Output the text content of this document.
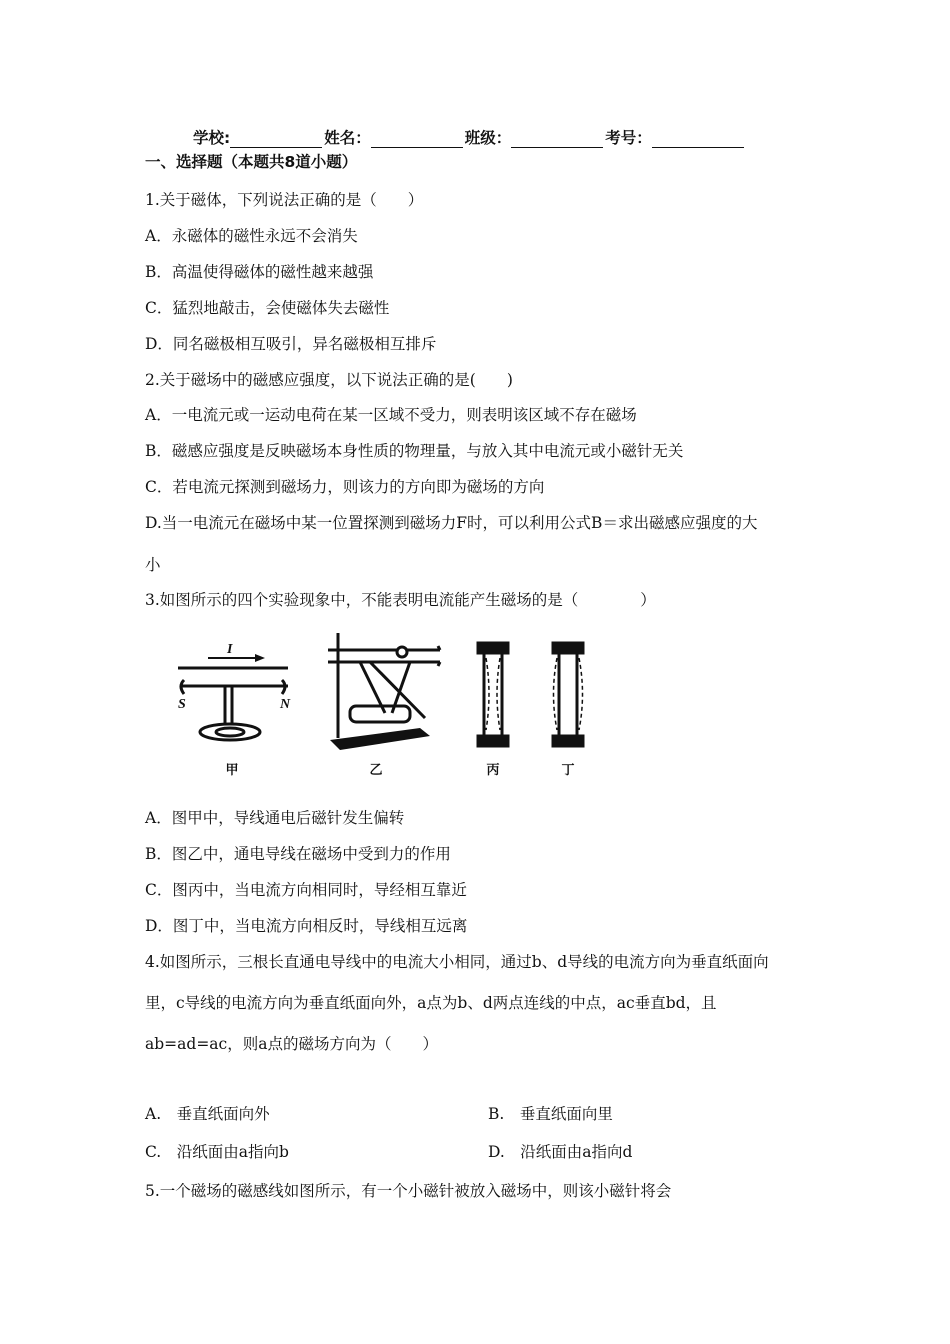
学校:	姓名：	班级：	考号：
一、选择题（本题共8道小题）
1.关于磁体，下列说法正确的是（　　）
A．永磁体的磁性永远不会消失
B．高温使得磁体的磁性越来越强
C．猛烈地敲击，会使磁体失去磁性
D．同名磁极相互吸引，异名磁极相互排斥
2.关于磁场中的磁感应强度，以下说法正确的是(　　)
A．一电流元或一运动电荷在某一区域不受力，则表明该区域不存在磁场
B．磁感应强度是反映磁场本身性质的物理量，与放入其中电流元或小磁针无关
C．若电流元探测到磁场力，则该力的方向即为磁场的方向
D.当一电流元在磁场中某一位置探测到磁场力F时，可以利用公式B＝求出磁感应强度的大
小
3.如图所示的四个实验现象中，不能表明电流能产生磁场的是（　　　　）
I
S	N
甲	乙	丙	丁
A．图甲中，导线通电后磁针发生偏转
B．图乙中，通电导线在磁场中受到力的作用
C．图丙中，当电流方向相同时，导经相互靠近
D．图丁中，当电流方向相反时，导线相互远离
4.如图所示，三根长直通电导线中的电流大小相同，通过b、d导线的电流方向为垂直纸面向
里，c导线的电流方向为垂直纸面向外，a点为b、d两点连线的中点，ac垂直bd，且
ab=ad=ac，则a点的磁场方向为（　　）
A.　垂直纸面向外	B.　垂直纸面向里
C.　沿纸面由a指向b	D.　沿纸面由a指向d
5.一个磁场的磁感线如图所示，有一个小磁针被放入磁场中，则该小磁针将会
